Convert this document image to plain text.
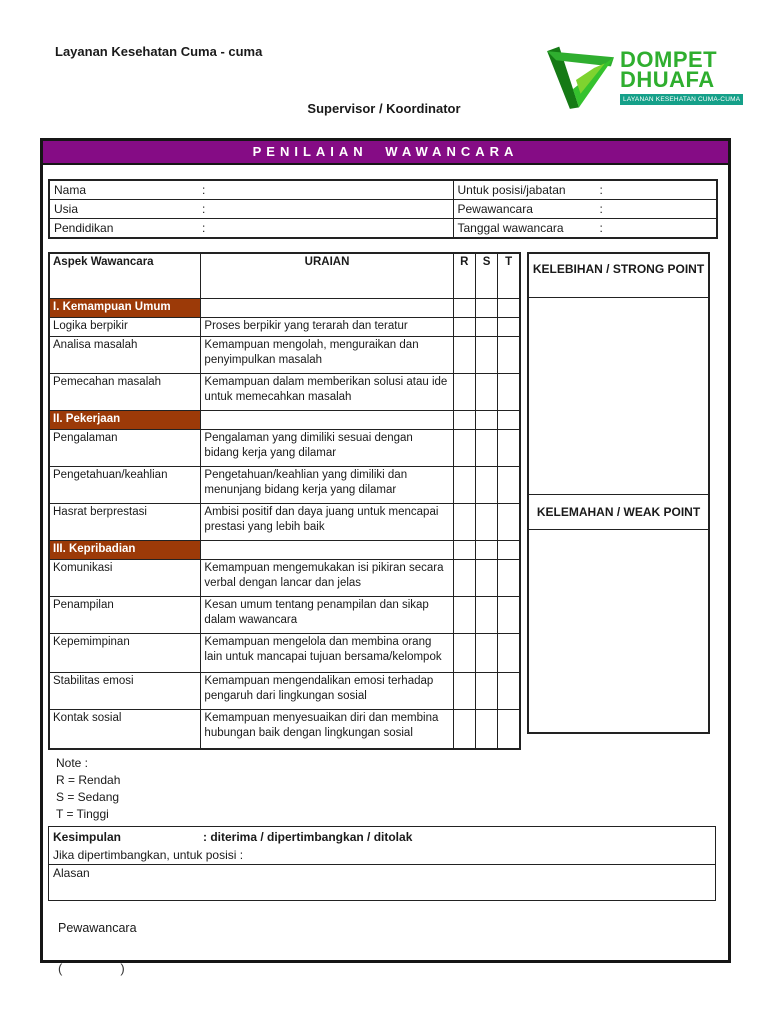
Layanan Kesehatan Cuma - cuma	DOMPET
DHUAFA
LAYANAN KESEHATAN CUMA-CUMA
Supervisor / Koordinator
PENILAIAN WAWANCARA
Nama :	Untuk posisi/jabatan :
Usia :	Pewawancara :
Pendidikan :	Tanggal wawancara :
Aspek Wawancara	URAIAN	R	S	T
I. Kemampuan Umum				
Logika berpikir	Proses berpikir yang terarah dan teratur			

Analisa masalah	Kemampuan mengolah, menguraikan dan penyimpulkan masalah			

Pemecahan masalah	Kemampuan dalam memberikan solusi atau ide untuk memecahkan masalah			

II. Pekerjaan				
Pengalaman	Pengalaman yang dimiliki sesuai dengan bidang kerja yang dilamar			

Pengetahuan/keahlian	Pengetahuan/keahlian yang dimiliki dan menunjang bidang kerja yang dilamar			

Hasrat berprestasi	Ambisi positif dan daya juang untuk mencapai prestasi yang lebih baik			

III. Kepribadian				
Komunikasi	Kemampuan mengemukakan isi pikiran secara verbal dengan lancar dan jelas			

Penampilan	Kesan umum tentang penampilan dan sikap dalam wawancara			

Kepemimpinan	Kemampuan mengelola dan membina orang lain untuk mancapai tujuan bersama/kelompok			

Stabilitas emosi	Kemampuan mengendalikan emosi terhadap pengaruh dari lingkungan sosial			

Kontak sosial	Kemampuan menyesuaikan diri dan membina hubungan baik dengan lingkungan sosial			

KELEBIHAN / STRONG POINT
KELEMAHAN / WEAK POINT
Note :
R = Rendah
S = Sedang
T = Tinggi
Kesimpulan	: diterima / dipertimbangkan / ditolak
Jika dipertimbangkan, untuk posisi :
Alasan
Pewawancara
(	)
